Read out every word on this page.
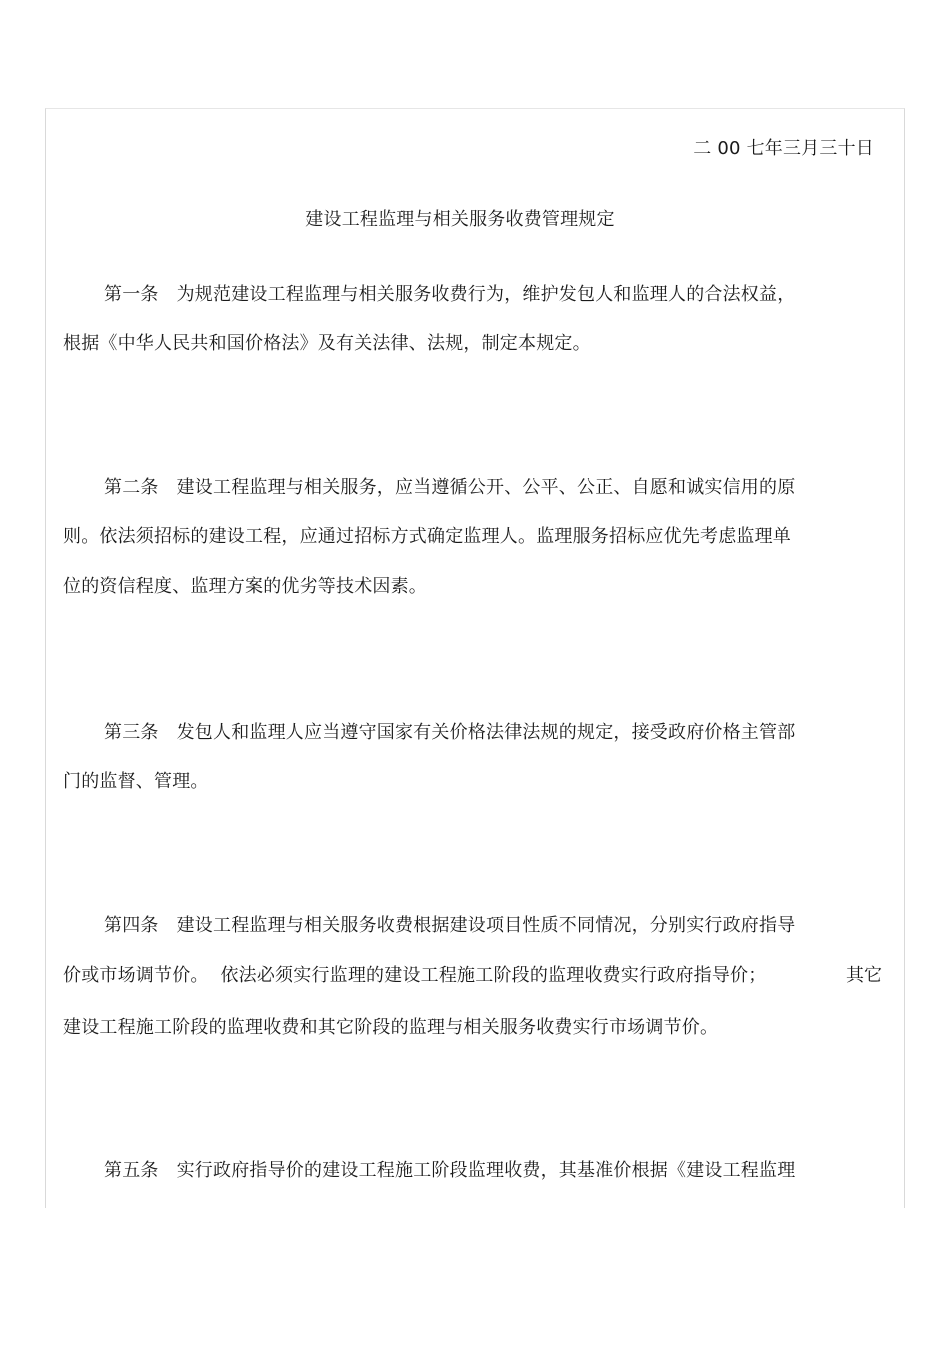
二 00 七年三月三十日
建设工程监理与相关服务收费管理规定
第一条 为规范建设工程监理与相关服务收费行为，维护发包人和监理人的合法权益，
根据《中华人民共和国价格法》及有关法律、法规，制定本规定。
第二条 建设工程监理与相关服务，应当遵循公开、公平、公正、自愿和诚实信用的原
则。依法须招标的建设工程，应通过招标方式确定监理人。监理服务招标应优先考虑监理单
位的资信程度、监理方案的优劣等技术因素。
第三条 发包人和监理人应当遵守国家有关价格法律法规的规定，接受政府价格主管部
门的监督、管理。
第四条 建设工程监理与相关服务收费根据建设项目性质不同情况，分别实行政府指导
价或市场调节价。  依法必须实行监理的建设工程施工阶段的监理收费实行政府指导价；	其它
建设工程施工阶段的监理收费和其它阶段的监理与相关服务收费实行市场调节价。
第五条 实行政府指导价的建设工程施工阶段监理收费，其基准价根据《建设工程监理
